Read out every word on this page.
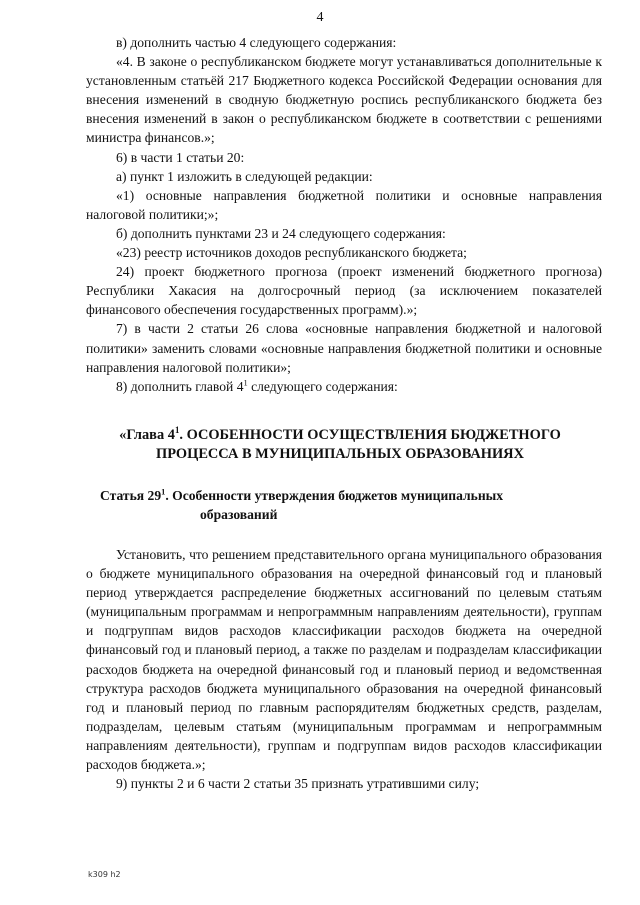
4

в) дополнить частью 4 следующего содержания:

«4. В законе о республиканском бюджете могут устанавливаться дополнительные к установленным статьёй 217 Бюджетного кодекса Российской Федерации основания для внесения изменений в сводную бюджетную роспись республиканского бюджета без внесения изменений в закон о республиканском бюджете в соответствии с решениями министра финансов.»;

6) в части 1 статьи 20:

а) пункт 1 изложить в следующей редакции:

«1) основные направления бюджетной политики и основные направления налоговой политики;»;

б) дополнить пунктами 23 и 24 следующего содержания:

«23) реестр источников доходов республиканского бюджета;

24) проект бюджетного прогноза (проект изменений бюджетного прогноза) Республики Хакасия на долгосрочный период (за исключением показателей финансового обеспечения государственных программ).»;

7) в части 2 статьи 26 слова «основные направления бюджетной и налоговой политики» заменить словами «основные направления бюджетной политики и основные направления налоговой политики»;

8) дополнить главой $4^1$ следующего содержания:

«Глава $4^1$. ОСОБЕННОСТИ ОСУЩЕСТВЛЕНИЯ БЮДЖЕТНОГО
ПРОЦЕССА В МУНИЦИПАЛЬНЫХ ОБРАЗОВАНИЯХ
Статья $29^1$. Особенности утверждения бюджетов муниципальных
образований

Установить, что решением представительного органа муниципального образования о бюджете муниципального образования на очередной финансовый год и плановый период утверждается распределение бюджетных ассигнований по целевым статьям (муниципальным программам и непрограммным направлениям деятельности), группам и подгруппам видов расходов классификации расходов бюджета на очередной финансовый год и плановый период, а также по разделам и подразделам классификации расходов бюджета на очередной финансовый год и плановый период и ведомственная структура расходов бюджета муниципального образования на очередной финансовый год и плановый период по главным распорядителям бюджетных средств, разделам, подразделам, целевым статьям (муниципальным программам и непрограммным направлениям деятельности), группам и подгруппам видов расходов классификации расходов бюджета.»;

9) пункты 2 и 6 части 2 статьи 35 признать утратившими силу;

k309 h2
